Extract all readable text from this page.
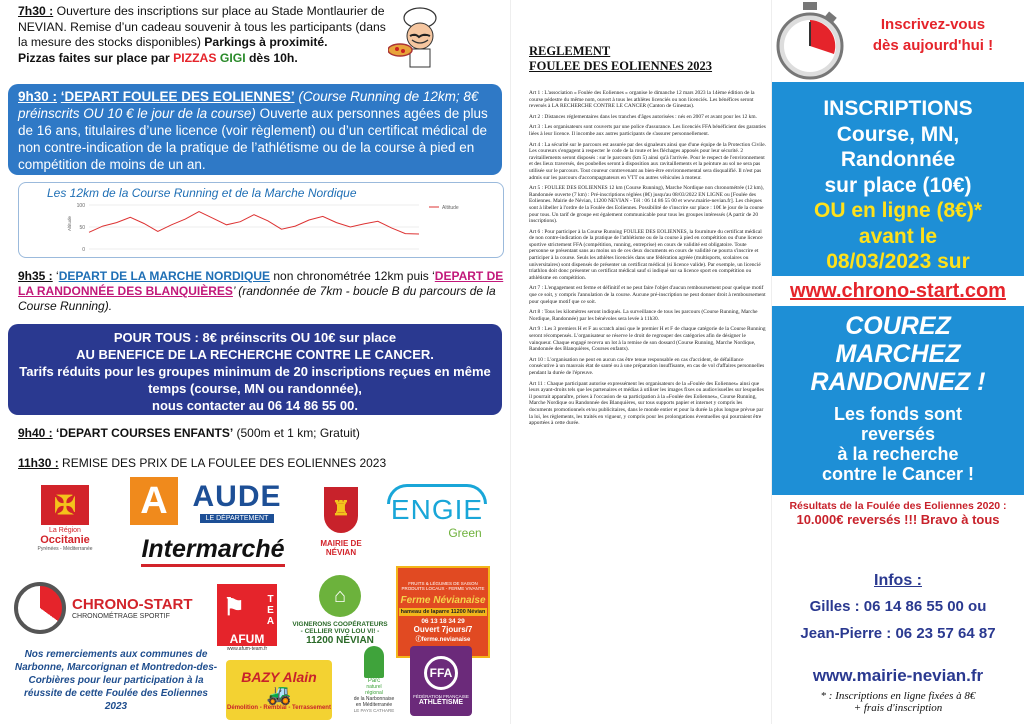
7h30 : Ouverture des inscriptions sur place au Stade Montlaurier de NEVIAN. Remise d’un cadeau souvenir à tous les participants (dans la mesure des stocks disponibles) Parkings à proximité.

Pizzas faites sur place par PIZZAS GIGI dès 10h.

9h30 : ‘DEPART FOULEE DES EOLIENNES’ (Course Running de 12km; 8€ préinscrits OU 10 € le jour de la course) Ouverte aux personnes agées de plus de 16 ans, titulaires d’une licence (voir règlement) ou d’un certificat médical de non contre-indication de la pratique de l’athlétisme ou de la course à pied en compétition de moins de un an.
Les 12km de la Course Running et de la Marche Nordique
0
50
100
Altitude
Altitude

9h35 : ‘DEPART DE LA MARCHE NORDIQUE non chronométrée 12km puis ‘DEPART DE LA RANDONNÉE DES BLANQUIÈRES’ (randonnée de 7km - boucle B du parcours de la Course Running).

POUR TOUS : 8€ préinscrits OU 10€ sur place
AU BENEFICE DE LA RECHERCHE CONTRE LE CANCER.
Tarifs réduits pour les groupes minimum de 20 inscriptions reçues en même temps (course, MN ou randonnée),
nous contacter au 06 14 86 55 00.

9h40 : ‘DEPART COURSES ENFANTS’ (500m et 1 km; Gratuit)

11h30 : REMISE DES PRIX DE LA FOULEE DES EOLIENNES 2023

✠
La Région
Occitanie
Pyrénées - Méditerranée
A AUDE
LE DÉPARTEMENT
Intermarché
♜
MAIRIE DE
NÉVIAN
ENGIE
Green
CHRONO-START
CHRONOMÉTRAGE SPORTIF	⚑	TEA
AFUM
www.afum-team.fr
⌂
VIGNERONS COOPÉRATEURS
- CELLIER VIVO LOU VI! -
11200 NÉVIAN
FRUITS & LÉGUMES DE SAISON
PRODUITS LOCAUX - FERME VIVANTE
Ferme Névianaise
hameau de Iaparre 11200 Névian
06 13 18 34 29
Ouvert 7jours/7
ⓕferme.nevianaise
Nos remerciements aux communes de Narbonne, Marcorignan et Montredon-des-Corbières pour leur participation à la réussite de cette Foulée des Eoliennes 2023
BAZY Alain
🚜
Démolition - Remblai - Terrassement
Parc
naturel
régional
de la Narbonnaise
en Méditerranée
LE PAYS CATHARE
FFA
FÉDÉRATION FRANÇAISE
ATHLÉTISME
REGLEMENT
FOULEE DES EOLIENNES 2023
Art 1 : L'association « Foulée des Eoliennes » organise le dimanche 12 mars 2023 la 14ème édition de la course pédestre du même nom, ouvert à tous les athlètes licenciés ou non licenciés. Les bénéfices seront reversés à LA RECHERCHE CONTRE LE CANCER (Canton de Ginestas).
Art 2 : Distances réglementaires dans les tranches d'âges autorisées : nés en 2007 et avant pour les 12 km.
Art 3 : Les organisateurs sont couverts par une police d'assurance. Les licenciés FFA bénéficient des garanties liées à leur licence. Il incombe aux autres participants de s'assurer personnellement.
Art 4 : La sécurité sur le parcours est assurée par des signaleurs ainsi que d'une équipe de la Protection Civile. Les coureurs s'engagent à respecter le code de la route et les fléchages apposés pour leur sécurité. 2 ravitaillements seront disposés : sur le parcours (km 5) ainsi qu'à l'arrivée. Pour le respect de l'environnement et des lieux traversés, des poubelles seront à disposition aux ravitaillements et la peinture au sol ne sera pas utilisée sur le parcours. Tout coureur contrevenant au bien-être environnemental sera disqualifié. Il n'est pas admis sur les parcours d'accompagnateurs en VTT ou autres véhicules à moteur.
Art 5 : FOULEE DES EOLIENNES 12 km (Course Running), Marche Nordique non chronométrée (12 km), Randonnée ouverte (7 km) : Pré-inscriptions réglées (8€) jusqu'au 08/03/2022 EN LIGNE ou [Foulée des Eoliennes. Mairie de Névian, 11200 NEVIAN - Tél : 06 14 86 55 00 et www.mairie-nevian.fr]. Les chèques sont à libeller à l'ordre de la Foulée des Eoliennes. Possibilité de s'inscrire sur place : 10€ le jour de la course pour tous. Un tarif de groupe est également communicable pour tous les groupes intéressés (A partir de 20 inscriptions).
Art 6 : Pour participer à la Course Running FOULEE DES EOLIENNES, la fourniture du certificat médical de non contre-indication de la pratique de l'athlétisme ou de la course à pied en compétition ou d'une licence sportive strictement FFA (compétition, running, entreprise) en cours de validité est obligatoire. Toute personne se présentant sans au moins un de ces deux documents en cours de validité ne pourra s'inscrire et participer à la course. Seuls les athlètes licenciés dans une fédération agréée (multisports, scolaires ou universitaires) sont dispensés de présenter un certificat médical (si licence valide). Par exemple, un licencié triathlon doit donc présenter un certificat médical sauf si indiqué sur sa licence sport en compétition ou athlétisme en compétition.
Art 7 : L'engagement est ferme et définitif et ne peut faire l'objet d'aucun remboursement pour quelque motif que ce soit, y compris l'annulation de la course. Aucune pré-inscription ne peut donner droit à remboursement pour quelque motif que ce soit.
Art 8 : Tous les kilomètres seront indiqués. La surveillance de tous les parcours (Course Running, Marche Nordique, Randonnée) par les bénévoles sera levée à 11h30.
Art 9 : Les 3 premiers H et F au scratch ainsi que le premier H et F de chaque catégorie de la Course Running seront récompensés. L'organisateur se réserve le droit de regrouper des catégories afin de désigner le vainqueur. Chaque engagé recevra un lot à la remise de son dossard (Course Running, Marche Nordique, Randonnée des Blanquières, Courses enfants).
Art 10 : L'organisation ne peut en aucun cas être tenue responsable en cas d'accident, de défaillance consécutive à un mauvais état de santé ou à une préparation insuffisante, en cas de vol d'affaires personnelles pendant la durée de l'épreuve.
Art 11 : Chaque participant autorise expressément les organisateurs de la «Foulée des Eoliennes» ainsi que leurs ayant-droits tels que les partenaires et médias à utiliser les images fixes ou audiovisuelles sur lesquelles il pourrait apparaître, prises à l'occasion de sa participation à la «Foulée des Eoliennes», Course Running, Marche Nordique ou Randonnée des Blanquières, sur tous supports papier et internet y compris les documents promotionnels et/ou publicitaires, dans le monde entier et pour la durée la plus longue prévue par la loi, les règlements, les traités en vigueur, y compris pour les prolongations éventuelles qui pourraient être apportées à cette durée.
Inscrivez-vous
dès aujourd'hui !
INSCRIPTIONS
Course, MN,
Randonnée
sur place (10€)
OU en ligne (8€)*
avant le
08/03/2023 sur
www.chrono-start.com
COUREZ
MARCHEZ
RANDONNEZ !
Les fonds sont
reversés
à la recherche
contre le Cancer !
Résultats de la Foulée des Eoliennes 2020 :
10.000€ reversés !!! Bravo à tous
Infos :
Gilles : 06 14 86 55 00 ou
Jean-Pierre : 06 23 57 64 87
www.mairie-nevian.fr
* : Inscriptions en ligne fixées à 8€
+ frais d'inscription
